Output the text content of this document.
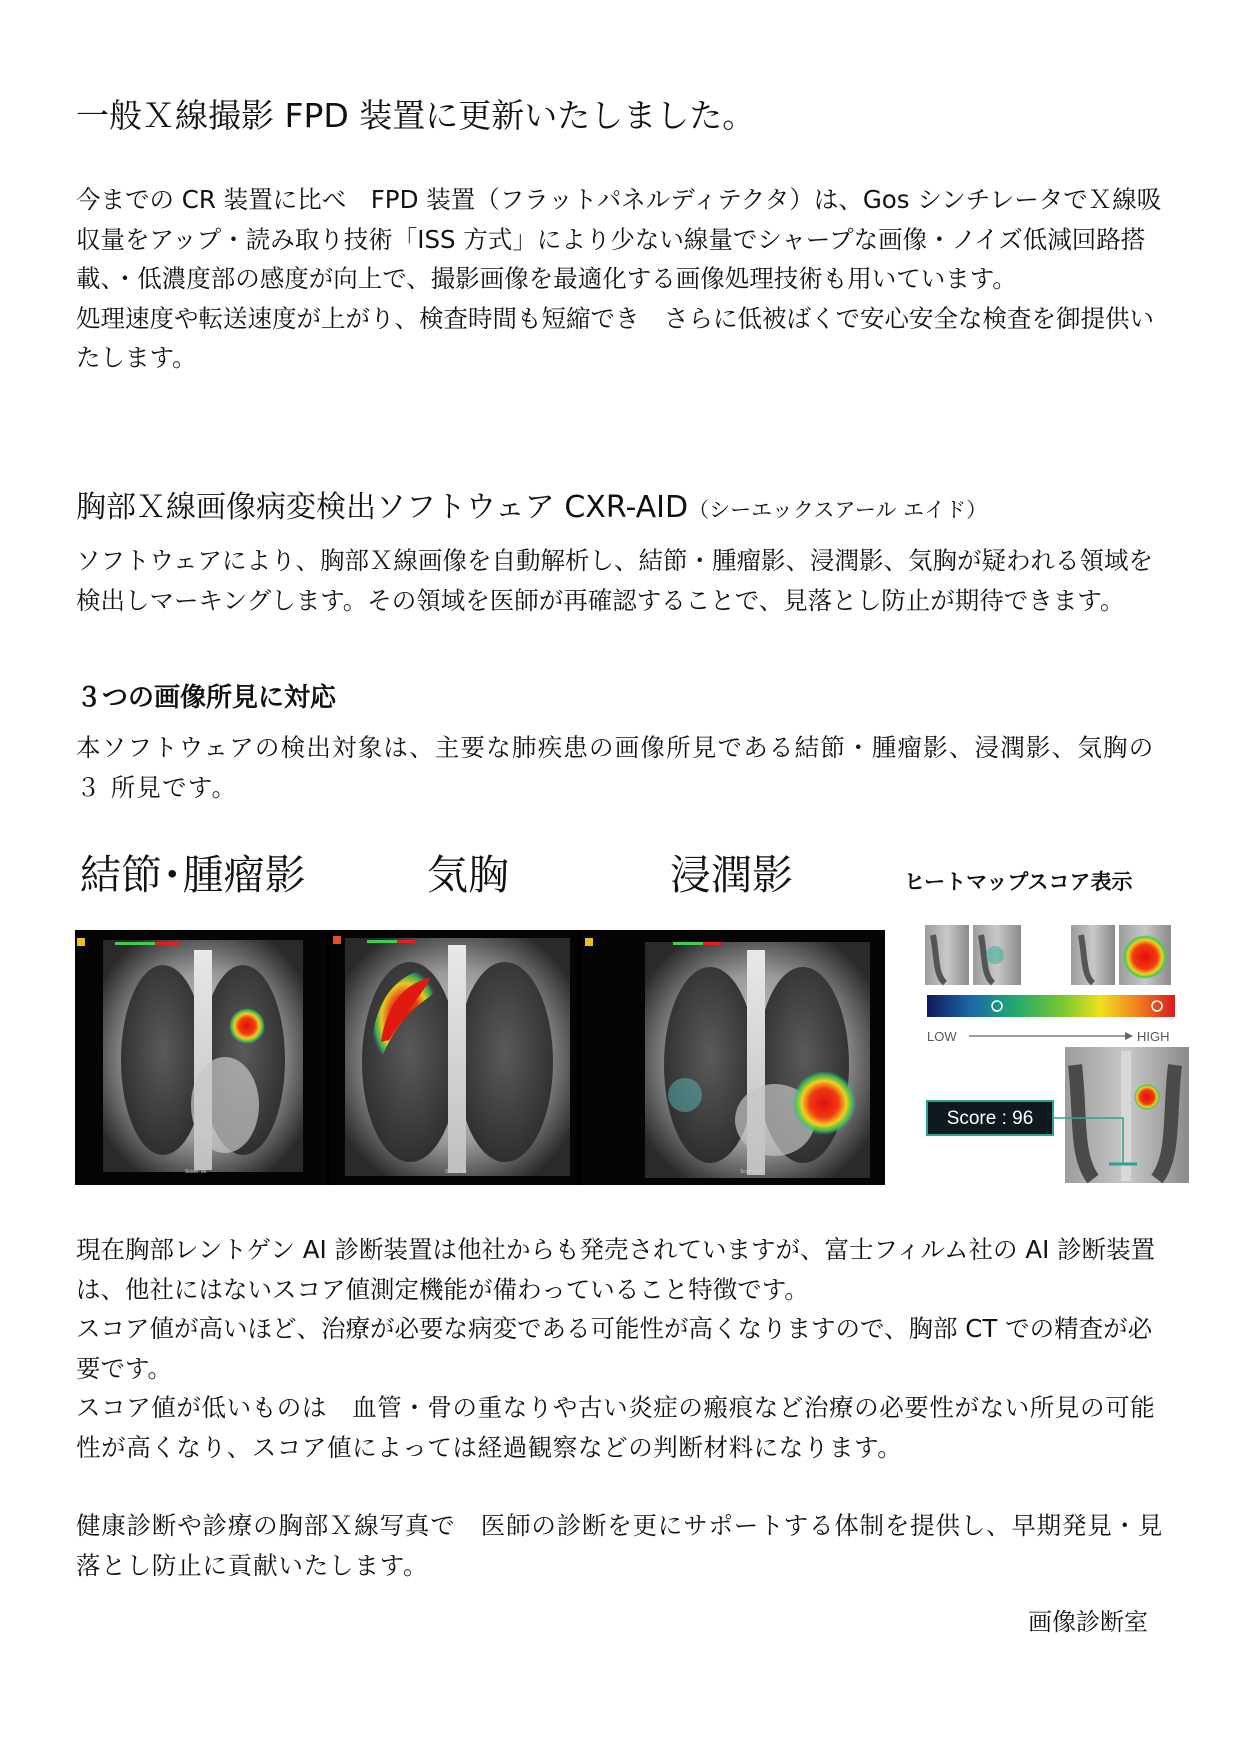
一般Ｘ線撮影 FPD 装置に更新いたしました。

今までの CR 装置に比べ　FPD 装置（フラットパネルディテクタ）は、Gos シンチレータでＸ線吸収量をアップ・読み取り技術「ISS 方式」により少ない線量でシャープな画像・ノイズ低減回路搭載、・低濃度部の感度が向上で、撮影画像を最適化する画像処理技術も用いています。

処理速度や転送速度が上がり、検査時間も短縮でき　さらに低被ばくで安心安全な検査を御提供いたします。

胸部Ｘ線画像病変検出ソフトウェア CXR-AID（シーエックスアール エイド）
ソフトウェアにより、胸部Ｘ線画像を自動解析し、結節・腫瘤影、浸潤影、気胸が疑われる領域を検出しマーキングします。その領域を医師が再確認することで、見落とし防止が期待できます。
３つの画像所見に対応
本ソフトウェアの検出対象は、主要な肺疾患の画像所見である結節・腫瘤影、浸潤影、気胸の ３ 所見です。
結節･腫瘤影	気胸	浸潤影	ヒートマップスコア表示
Score: 96	Score: 99	Score: 92
LOW	HIGH
Score : 96

現在胸部レントゲン AI 診断装置は他社からも発売されていますが、富士フィルム社の AI 診断装置は、他社にはないスコア値測定機能が備わっていること特徴です。

スコア値が高いほど、治療が必要な病変である可能性が高くなりますので、胸部 CT での精査が必要です。

スコア値が低いものは　血管・骨の重なりや古い炎症の瘢痕など治療の必要性がない所見の可能性が高くなり、スコア値によっては経過観察などの判断材料になります。

健康診断や診療の胸部Ｘ線写真で　医師の診断を更にサポートする体制を提供し、早期発見・見落とし防止に貢献いたします。

画像診断室
